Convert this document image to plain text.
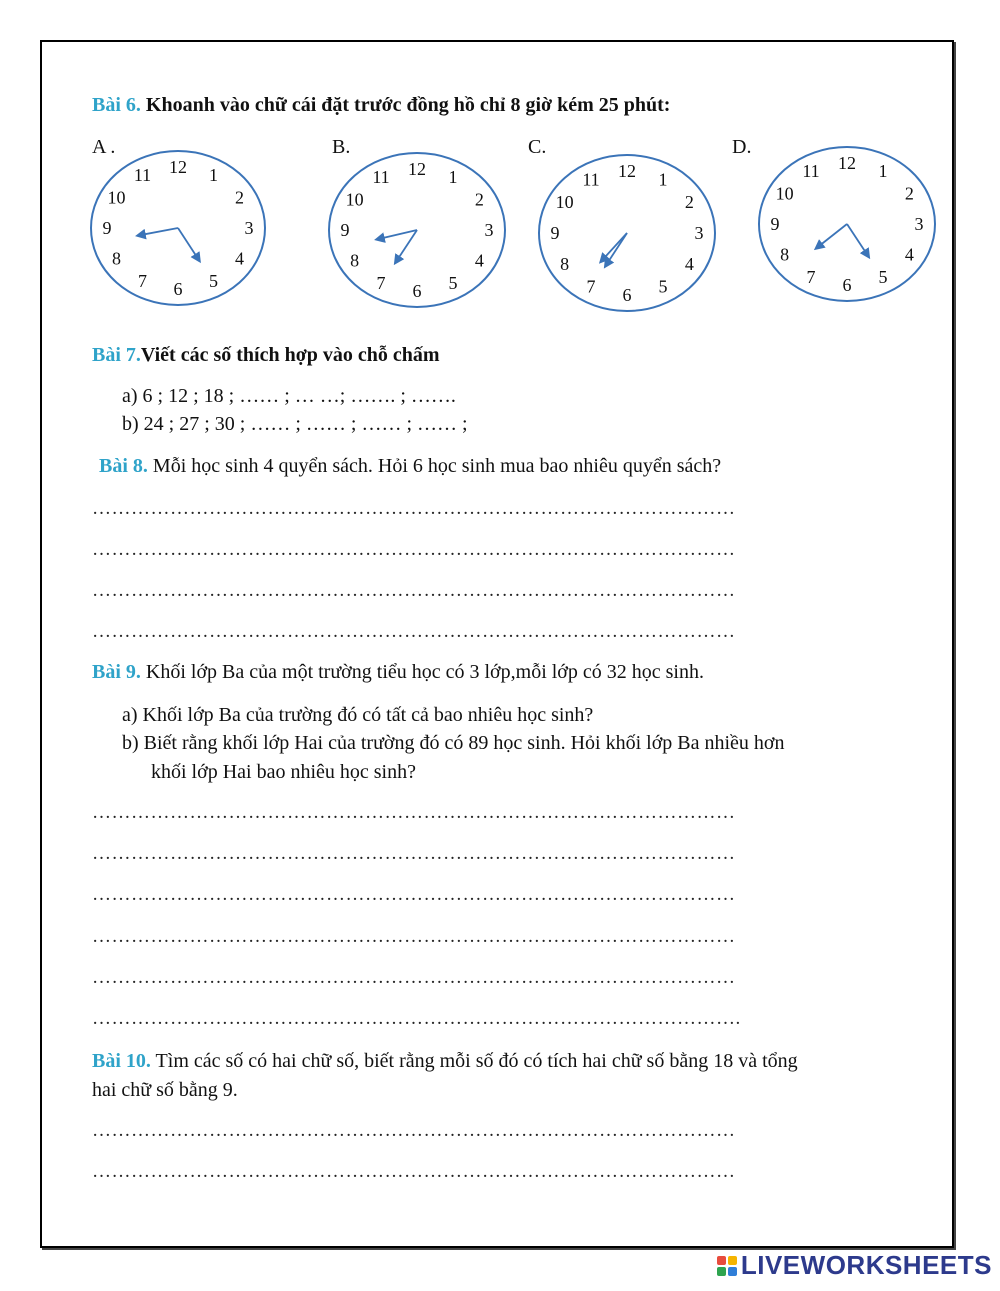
Bài 6. Khoanh vào chữ cái đặt trước đồng hồ chỉ 8 giờ kém 25 phút:
A .	B.	C.	D.
12 1
2
3
4
5
6
7
8
9
10
11	12 1
2
3
4
5
6
7
8
9
10
11	12 1
2
3
4
5
6
7
8
9
10
11
12 1
2
3
4
5
6
7
8
9
10
11
Bài 7.Viết các số thích hợp vào chỗ chấm
a) 6 ; 12 ; 18 ; …… ; … …; ……. ; …….
b) 24 ; 27 ; 30 ; …… ; …… ; …… ; …… ;
Bài 8. Mỗi học sinh 4 quyển sách. Hỏi 6 học sinh mua bao nhiêu quyển sách?
………………………………………………………………………………………
………………………………………………………………………………………
………………………………………………………………………………………
………………………………………………………………………………………
Bài 9. Khối lớp Ba của một trường tiểu học có 3 lớp,mỗi lớp có 32 học sinh.
a) Khối lớp Ba của trường đó có tất cả bao nhiêu học sinh?
b) Biết rằng khối lớp Hai của trường đó có 89 học sinh. Hỏi khối lớp Ba nhiều hơn
khối lớp Hai bao nhiêu học sinh?
………………………………………………………………………………………
………………………………………………………………………………………
………………………………………………………………………………………
………………………………………………………………………………………
………………………………………………………………………………………
……………………………………………………………………………………….
Bài 10. Tìm các số có hai chữ số, biết rằng mỗi số đó có tích hai chữ số bằng 18 và tổng
hai chữ số bằng 9.
………………………………………………………………………………………
………………………………………………………………………………………
LIVEWORKSHEETS
